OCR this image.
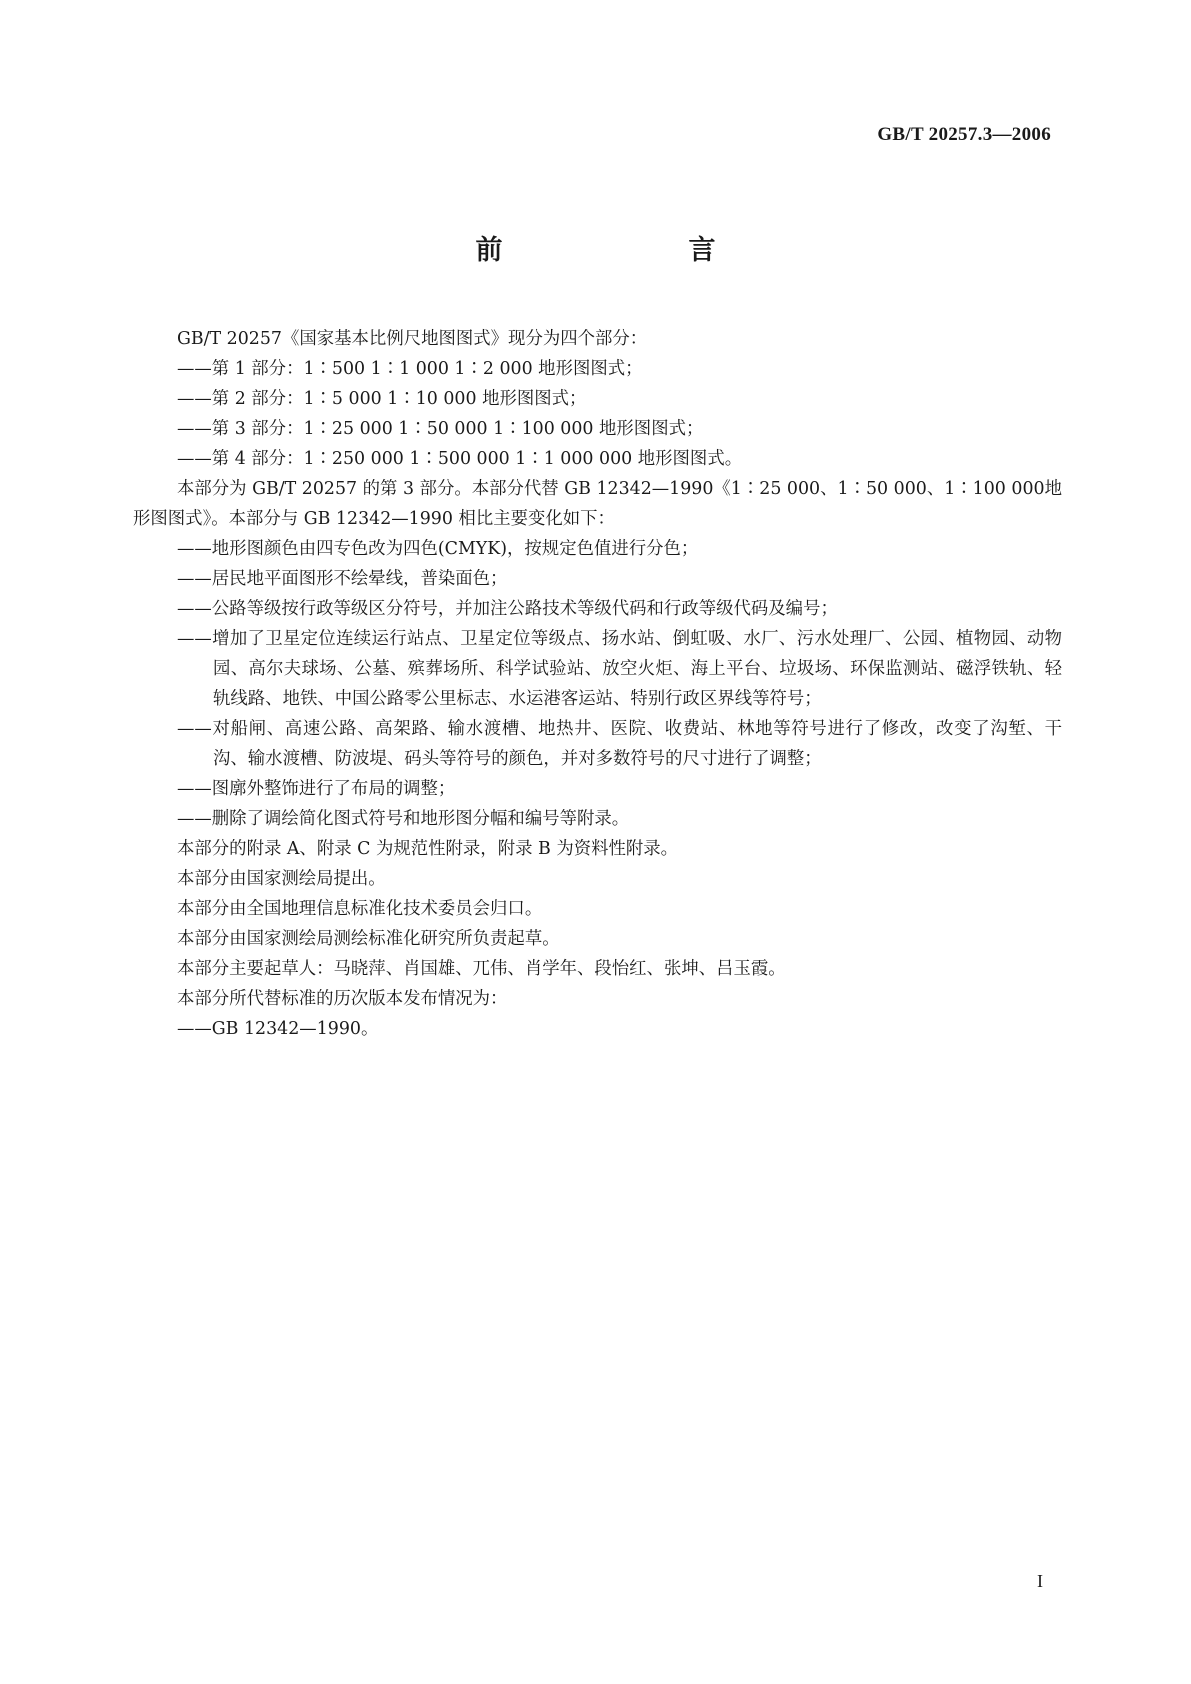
GB/T 20257.3—2006
前　　言

GB/T 20257《国家基本比例尺地图图式》现分为四个部分：

——第 1 部分：1∶500 1∶1 000 1∶2 000 地形图图式；

——第 2 部分：1∶5 000 1∶10 000 地形图图式；

——第 3 部分：1∶25 000 1∶50 000 1∶100 000 地形图图式；

——第 4 部分：1∶250 000 1∶500 000 1∶1 000 000 地形图图式。

本部分为 GB/T 20257 的第 3 部分。本部分代替 GB 12342—1990《1∶25 000、1∶50 000、1∶100 000地形图图式》。本部分与 GB 12342—1990 相比主要变化如下：

——地形图颜色由四专色改为四色(CMYK)，按规定色值进行分色；

——居民地平面图形不绘晕线，普染面色；

——公路等级按行政等级区分符号，并加注公路技术等级代码和行政等级代码及编号；

——增加了卫星定位连续运行站点、卫星定位等级点、扬水站、倒虹吸、水厂、污水处理厂、公园、植物园、动物园、高尔夫球场、公墓、殡葬场所、科学试验站、放空火炬、海上平台、垃圾场、环保监测站、磁浮铁轨、轻轨线路、地铁、中国公路零公里标志、水运港客运站、特别行政区界线等符号；

——对船闸、高速公路、高架路、输水渡槽、地热井、医院、收费站、林地等符号进行了修改，改变了沟堑、干沟、输水渡槽、防波堤、码头等符号的颜色，并对多数符号的尺寸进行了调整；

——图廓外整饰进行了布局的调整；

——删除了调绘简化图式符号和地形图分幅和编号等附录。

本部分的附录 A、附录 C 为规范性附录，附录 B 为资料性附录。

本部分由国家测绘局提出。

本部分由全国地理信息标准化技术委员会归口。

本部分由国家测绘局测绘标准化研究所负责起草。

本部分主要起草人：马晓萍、肖国雄、兀伟、肖学年、段怡红、张坤、吕玉霞。

本部分所代替标准的历次版本发布情况为：

——GB 12342—1990。

I
